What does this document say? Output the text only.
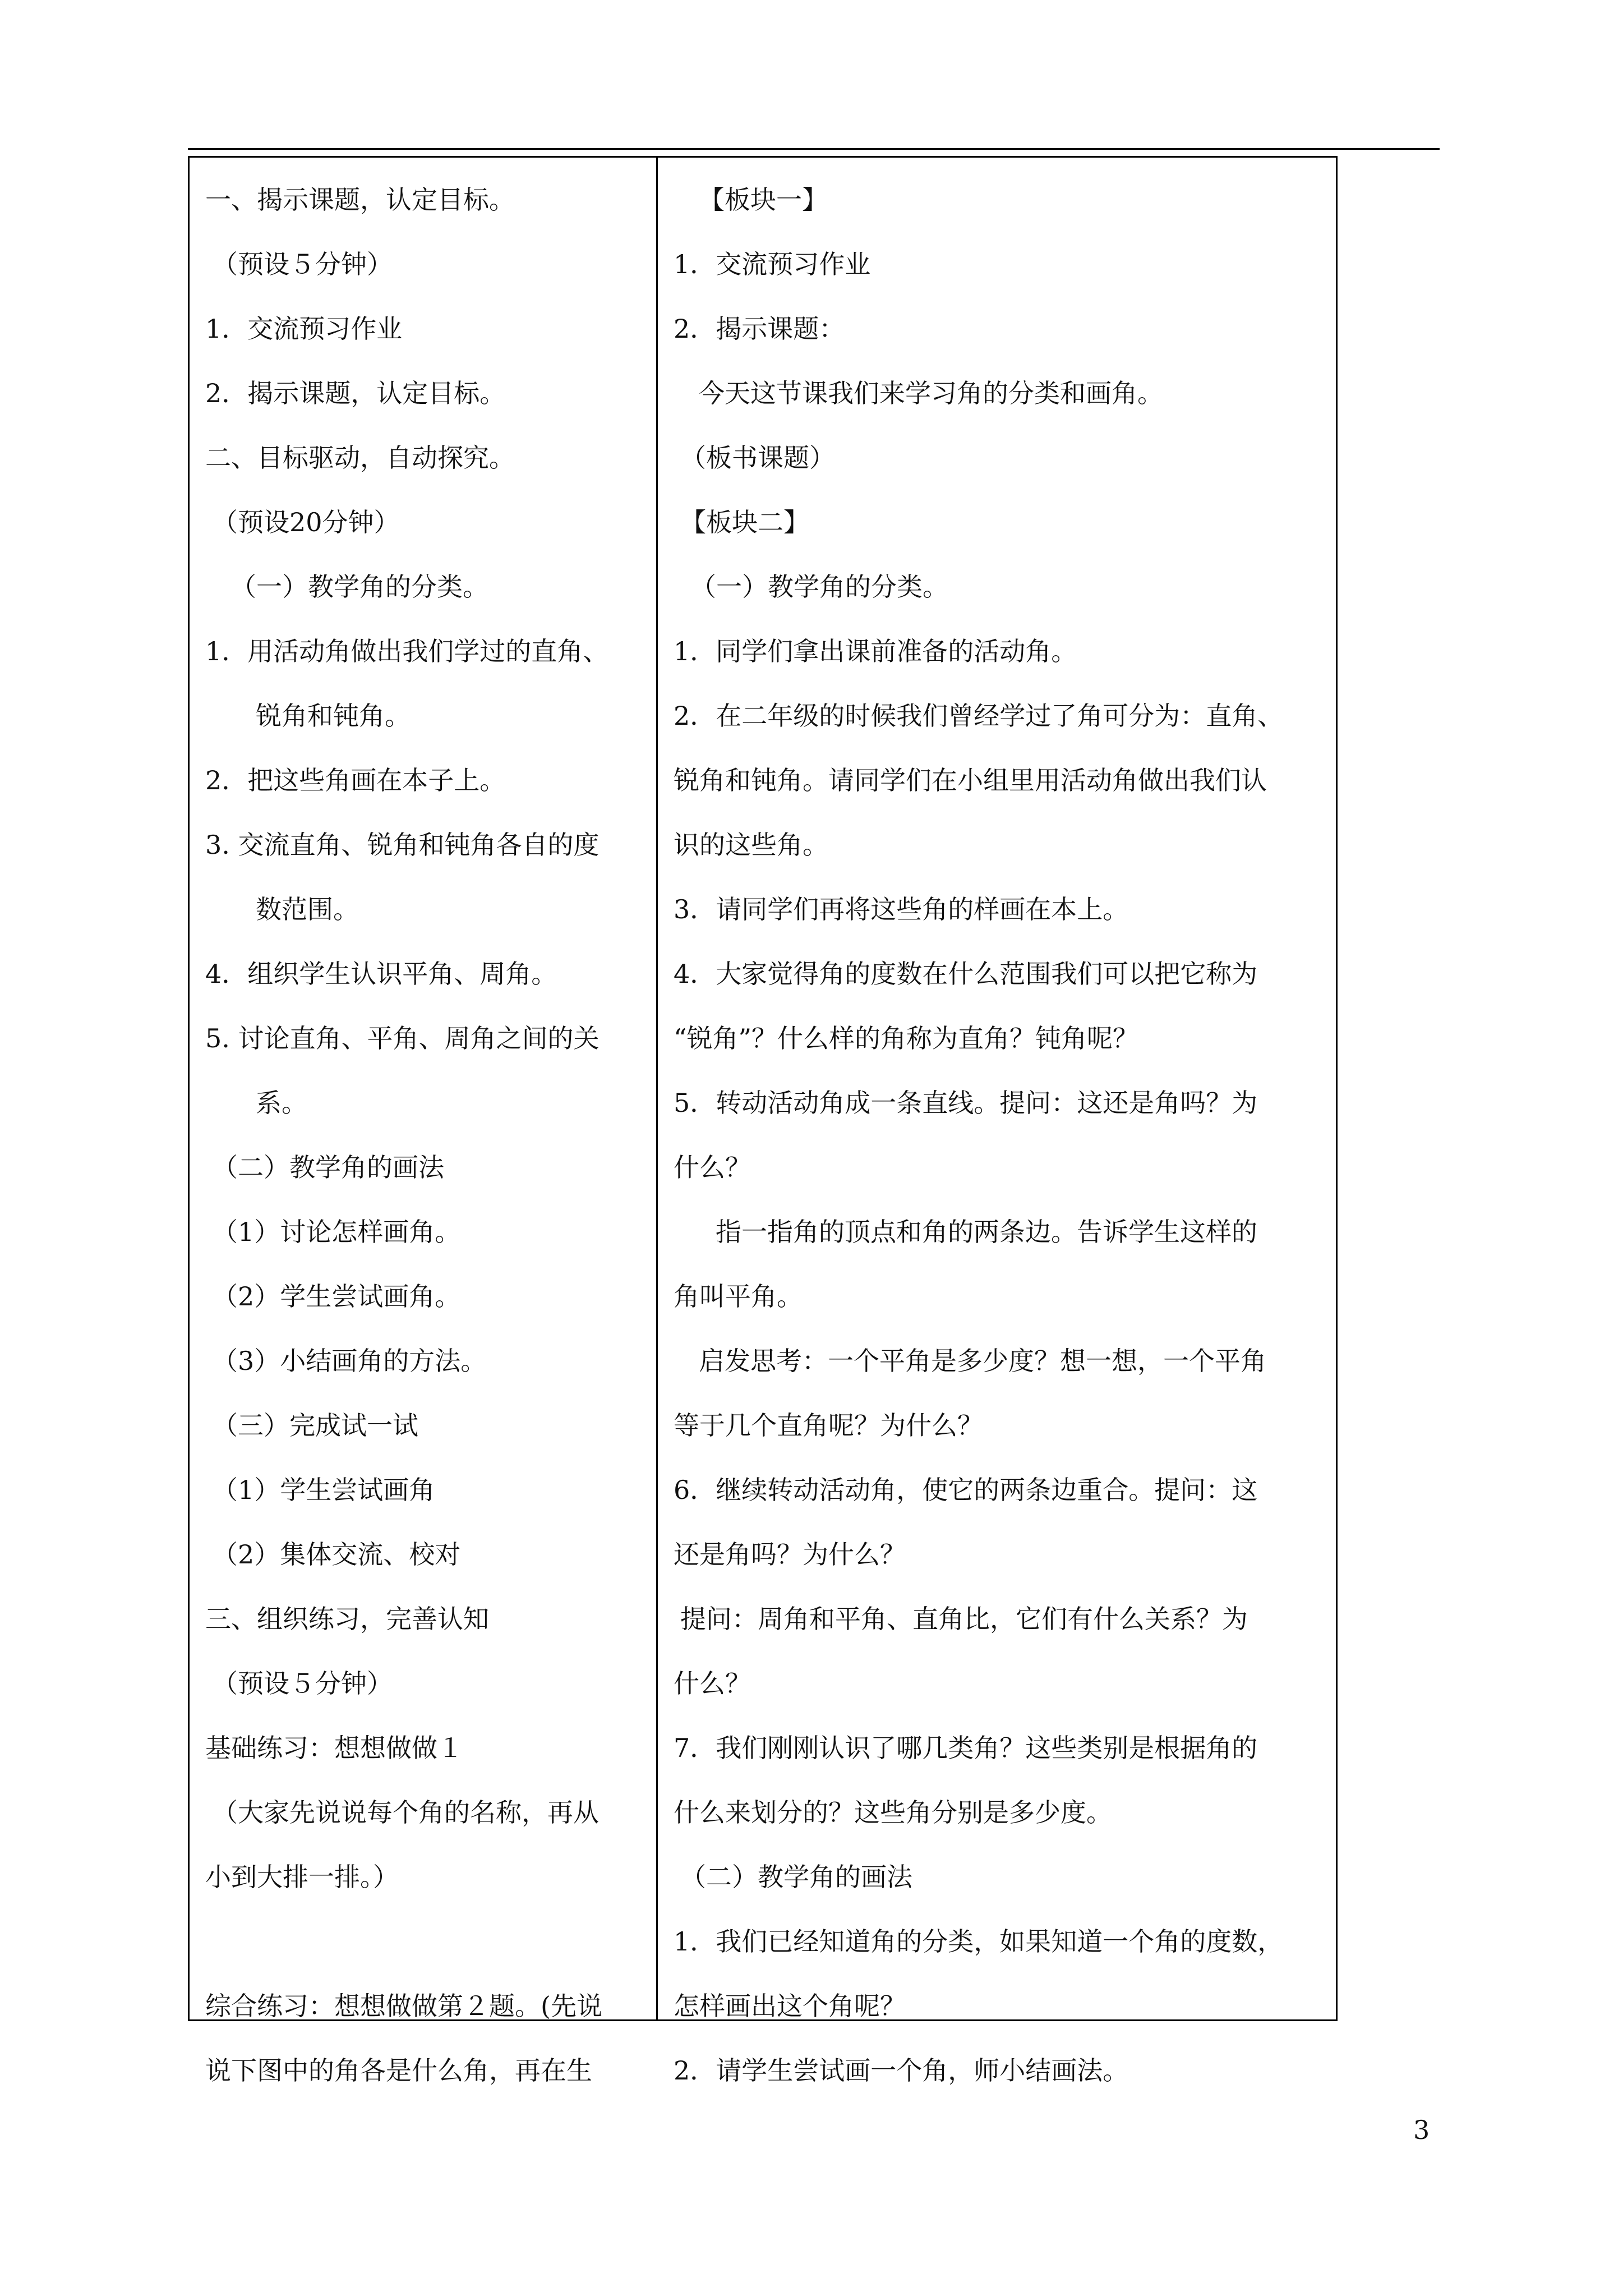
一、揭示课题，认定目标。
（预设５分钟）
1．交流预习作业
2．揭示课题，认定目标。
二、目标驱动，自动探究。
（预设20分钟）
（一）教学角的分类。
1．用活动角做出我们学过的直角、
锐角和钝角。
2．把这些角画在本子上。
3. 交流直角、锐角和钝角各自的度
数范围。
4．组织学生认识平角、周角。
5. 讨论直角、平角、周角之间的关
系。
（二）教学角的画法
（1）讨论怎样画角。
（2）学生尝试画角。
（3）小结画角的方法。
（三）完成试一试
（1）学生尝试画角
（2）集体交流、校对
三、组织练习，完善认知
（预设５分钟）
基础练习：想想做做１
（大家先说说每个角的名称，再从
小到大排一排。）
综合练习：想想做做第２题。(先说
说下图中的角各是什么角，再在生
【板块一】
1．交流预习作业
2．揭示课题：
今天这节课我们来学习角的分类和画角。
（板书课题）
【板块二】
（一）教学角的分类。
1．同学们拿出课前准备的活动角。
2．在二年级的时候我们曾经学过了角可分为：直角、
锐角和钝角。请同学们在小组里用活动角做出我们认
识的这些角。
3．请同学们再将这些角的样画在本上。
4．大家觉得角的度数在什么范围我们可以把它称为
“锐角”？什么样的角称为直角？钝角呢？
5．转动活动角成一条直线。提问：这还是角吗？为
什么？
指一指角的顶点和角的两条边。告诉学生这样的
角叫平角。
启发思考：一个平角是多少度？想一想，一个平角
等于几个直角呢？为什么？
6．继续转动活动角，使它的两条边重合。提问：这
还是角吗？为什么？
提问：周角和平角、直角比，它们有什么关系？为
什么？
7．我们刚刚认识了哪几类角？这些类别是根据角的
什么来划分的？这些角分别是多少度。
（二）教学角的画法
1．我们已经知道角的分类，如果知道一个角的度数，
怎样画出这个角呢？
2．请学生尝试画一个角，师小结画法。
3
